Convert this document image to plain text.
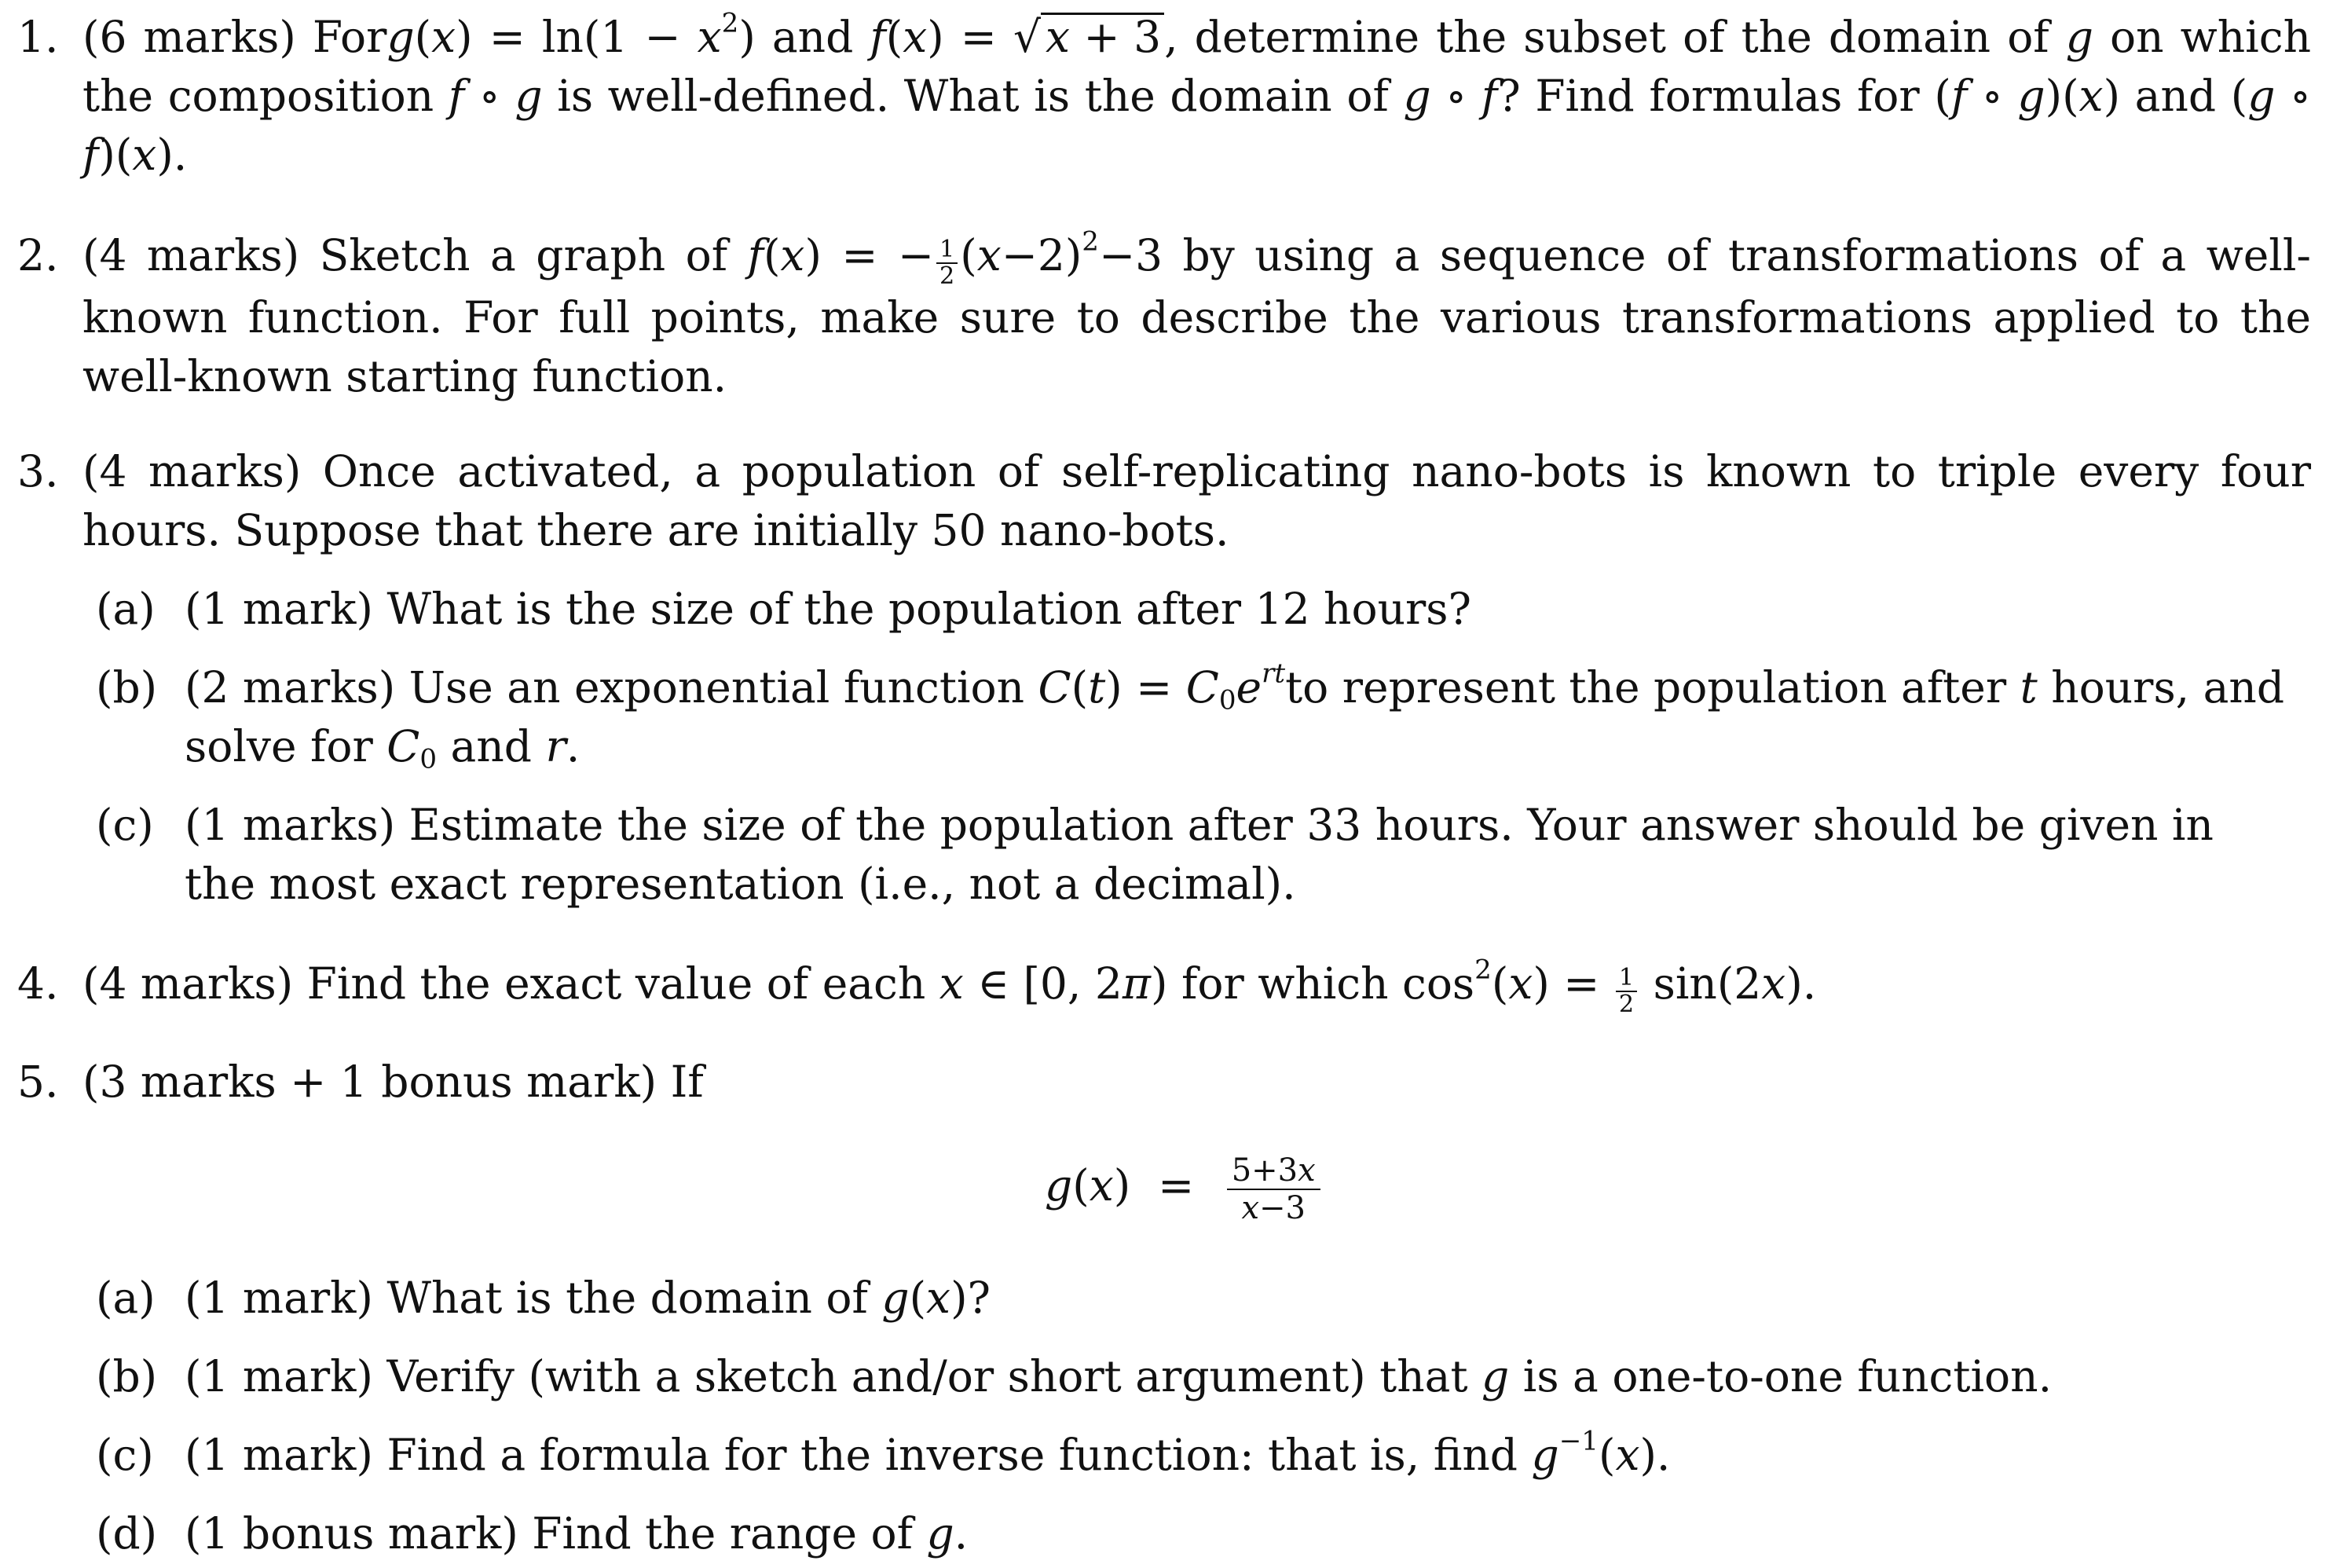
1. (6 marks) Forg(x) = $\ln(1 - x^2)$ and f(x) = √ x + 3, determine the subset of the domain of g on which the composition f ∘ g is well-defined. What is the domain of g ∘ f? Find formulas for (f ∘ g)(x) and (g ∘ f)(x).
2. (4 marks) Sketch a graph of f(x) = − $\frac{1}{2} (x-2)^2-3$ by using a sequence of transformations of a well-known function. For full points, make sure to describe the various transformations applied to the well-known starting function.
3. (4 marks) Once activated, a population of self-replicating nano-bots is known to triple every four hours. Suppose that there are initially 50 nano-bots.
(a) (1 mark) What is the size of the population after 12 hours?
(b) (2 marks) Use an exponential function $C(t) = C_0e^{rt}to$ represent the population after t hours, and solve for $C_0$ and r.
(c) (1 marks) Estimate the size of the population after 33 hours. Your answer should be given in the most exact representation (i.e., not a decimal).
4. (4 marks) Find the exact value of each x ∈ [0, 2π) for which $\cos^2(x) = \frac{1}{2} \sin(2x)$.
5. (3 marks + 1 bonus mark) If
$g(x) = \frac{5+3x}{x-3}$
(a) (1 mark) What is the domain of g(x)?
(b) (1 mark) Verify (with a sketch and/or short argument) that g is a one-to-one function.
(c) (1 mark) Find a formula for the inverse function: that is, find $g^{-1}(x)$.
(d) (1 bonus mark) Find the range of g.
